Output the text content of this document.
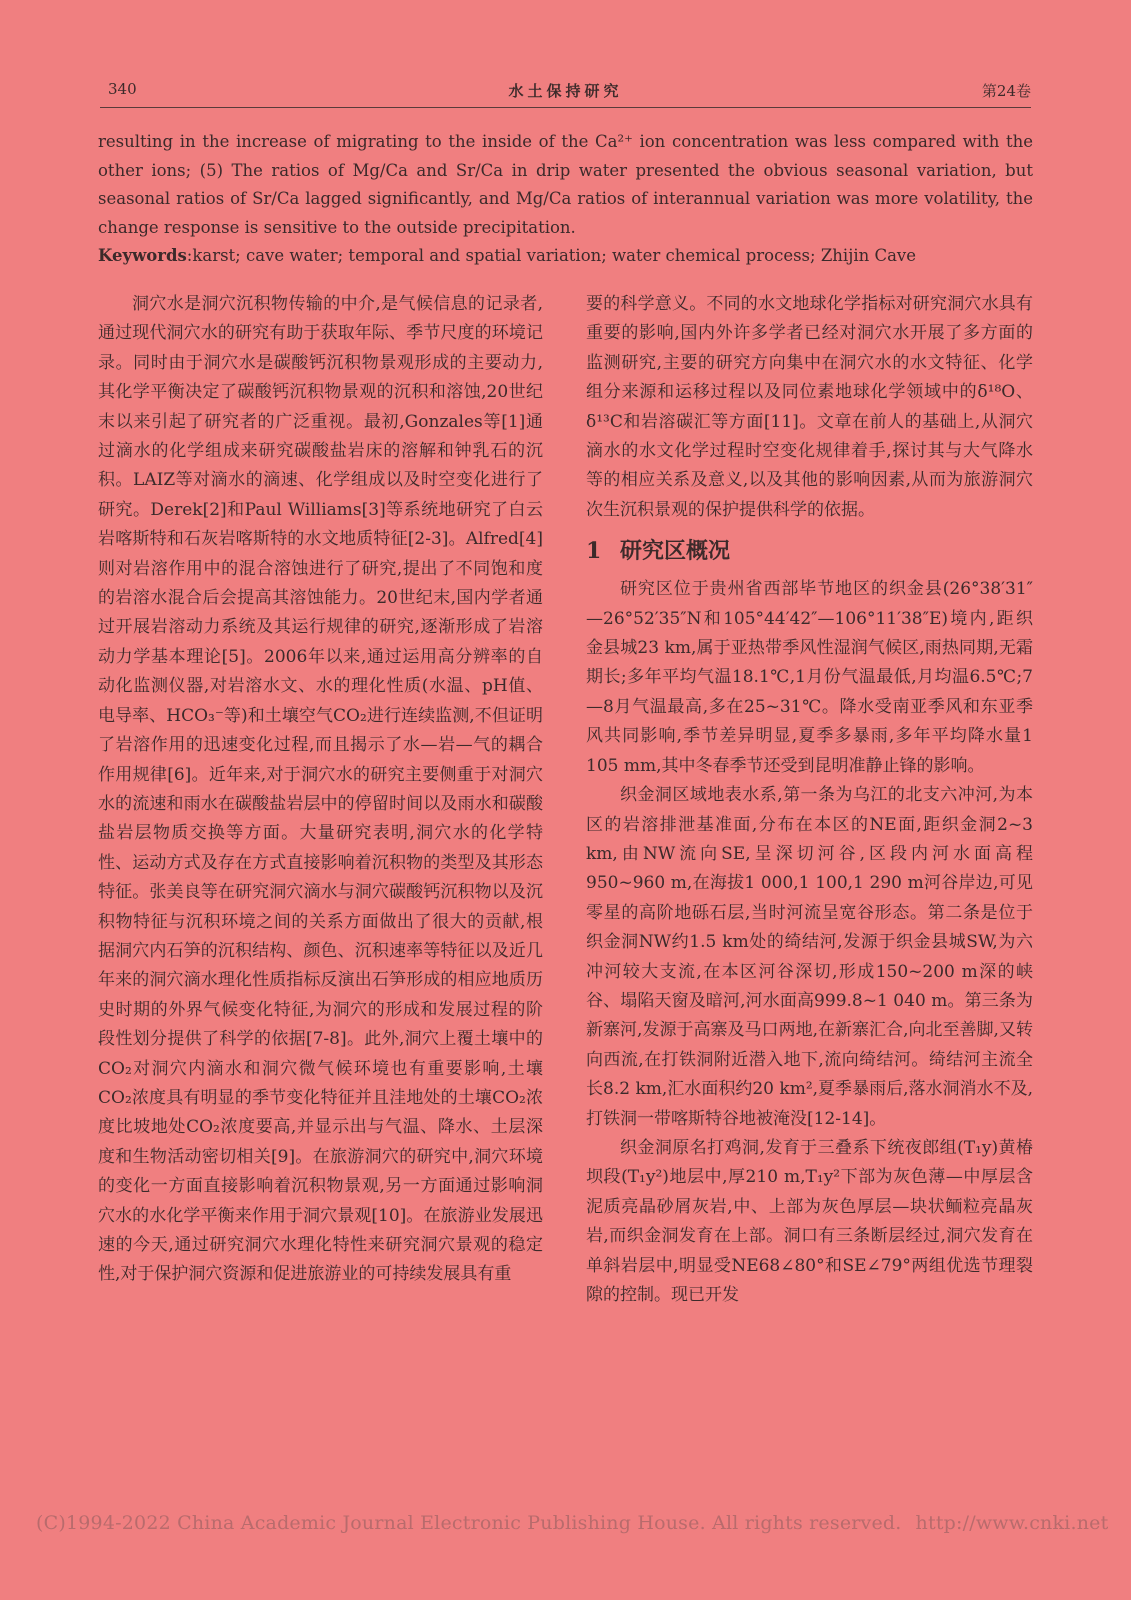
340	水土保持研究	第24卷

resulting in the increase of migrating to the inside of the Ca²⁺ ion concentration was less compared with the other ions; (5) The ratios of Mg/Ca and Sr/Ca in drip water presented the obvious seasonal variation, but seasonal ratios of Sr/Ca lagged significantly, and Mg/Ca ratios of interannual variation was more volatility, the change response is sensitive to the outside precipitation.

Keywords:karst; cave water; temporal and spatial variation; water chemical process; Zhijin Cave

洞穴水是洞穴沉积物传输的中介,是气候信息的记录者,通过现代洞穴水的研究有助于获取年际、季节尺度的环境记录。同时由于洞穴水是碳酸钙沉积物景观形成的主要动力,其化学平衡决定了碳酸钙沉积物景观的沉积和溶蚀,20世纪末以来引起了研究者的广泛重视。最初,Gonzales等[1]通过滴水的化学组成来研究碳酸盐岩床的溶解和钟乳石的沉积。LAIZ等对滴水的滴速、化学组成以及时空变化进行了研究。Derek[2]和Paul Williams[3]等系统地研究了白云岩喀斯特和石灰岩喀斯特的水文地质特征[2-3]。Alfred[4]则对岩溶作用中的混合溶蚀进行了研究,提出了不同饱和度的岩溶水混合后会提高其溶蚀能力。20世纪末,国内学者通过开展岩溶动力系统及其运行规律的研究,逐渐形成了岩溶动力学基本理论[5]。2006年以来,通过运用高分辨率的自动化监测仪器,对岩溶水文、水的理化性质(水温、pH值、电导率、HCO₃⁻等)和土壤空气CO₂进行连续监测,不但证明了岩溶作用的迅速变化过程,而且揭示了水—岩—气的耦合作用规律[6]。近年来,对于洞穴水的研究主要侧重于对洞穴水的流速和雨水在碳酸盐岩层中的停留时间以及雨水和碳酸盐岩层物质交换等方面。大量研究表明,洞穴水的化学特性、运动方式及存在方式直接影响着沉积物的类型及其形态特征。张美良等在研究洞穴滴水与洞穴碳酸钙沉积物以及沉积物特征与沉积环境之间的关系方面做出了很大的贡献,根据洞穴内石笋的沉积结构、颜色、沉积速率等特征以及近几年来的洞穴滴水理化性质指标反演出石笋形成的相应地质历史时期的外界气候变化特征,为洞穴的形成和发展过程的阶段性划分提供了科学的依据[7-8]。此外,洞穴上覆土壤中的CO₂对洞穴内滴水和洞穴微气候环境也有重要影响,土壤CO₂浓度具有明显的季节变化特征并且洼地处的土壤CO₂浓度比坡地处CO₂浓度要高,并显示出与气温、降水、土层深度和生物活动密切相关[9]。在旅游洞穴的研究中,洞穴环境的变化一方面直接影响着沉积物景观,另一方面通过影响洞穴水的水化学平衡来作用于洞穴景观[10]。在旅游业发展迅速的今天,通过研究洞穴水理化特性来研究洞穴景观的稳定性,对于保护洞穴资源和促进旅游业的可持续发展具有重

要的科学意义。不同的水文地球化学指标对研究洞穴水具有重要的影响,国内外许多学者已经对洞穴水开展了多方面的监测研究,主要的研究方向集中在洞穴水的水文特征、化学组分来源和运移过程以及同位素地球化学领域中的δ¹⁸O、δ¹³C和岩溶碳汇等方面[11]。文章在前人的基础上,从洞穴滴水的水文化学过程时空变化规律着手,探讨其与大气降水等的相应关系及意义,以及其他的影响因素,从而为旅游洞穴次生沉积景观的保护提供科学的依据。

1 研究区概况

研究区位于贵州省西部毕节地区的织金县(26°38′31″—26°52′35″N和105°44′42″—106°11′38″E)境内,距织金县城23 km,属于亚热带季风性湿润气候区,雨热同期,无霜期长;多年平均气温18.1℃,1月份气温最低,月均温6.5℃;7—8月气温最高,多在25~31℃。降水受南亚季风和东亚季风共同影响,季节差异明显,夏季多暴雨,多年平均降水量1 105 mm,其中冬春季节还受到昆明准静止锋的影响。

织金洞区域地表水系,第一条为乌江的北支六冲河,为本区的岩溶排泄基准面,分布在本区的NE面,距织金洞2~3 km,由NW流向SE,呈深切河谷,区段内河水面高程950~960 m,在海拔1 000,1 100,1 290 m河谷岸边,可见零星的高阶地砾石层,当时河流呈宽谷形态。第二条是位于织金洞NW约1.5 km处的绮结河,发源于织金县城SW,为六冲河较大支流,在本区河谷深切,形成150~200 m深的峡谷、塌陷天窗及暗河,河水面高999.8~1 040 m。第三条为新寨河,发源于高寨及马口两地,在新寨汇合,向北至善脚,又转向西流,在打铁洞附近潜入地下,流向绮结河。绮结河主流全长8.2 km,汇水面积约20 km²,夏季暴雨后,落水洞消水不及,打铁洞一带喀斯特谷地被淹没[12-14]。

织金洞原名打鸡洞,发育于三叠系下统夜郎组(T₁y)黄椿坝段(T₁y²)地层中,厚210 m,T₁y²下部为灰色薄—中厚层含泥质亮晶砂屑灰岩,中、上部为灰色厚层—块状鲕粒亮晶灰岩,而织金洞发育在上部。洞口有三条断层经过,洞穴发育在单斜岩层中,明显受NE68∠80°和SE∠79°两组优选节理裂隙的控制。现已开发

(C)1994-2022 China Academic Journal Electronic Publishing House. All rights reserved. http://www.cnki.net
